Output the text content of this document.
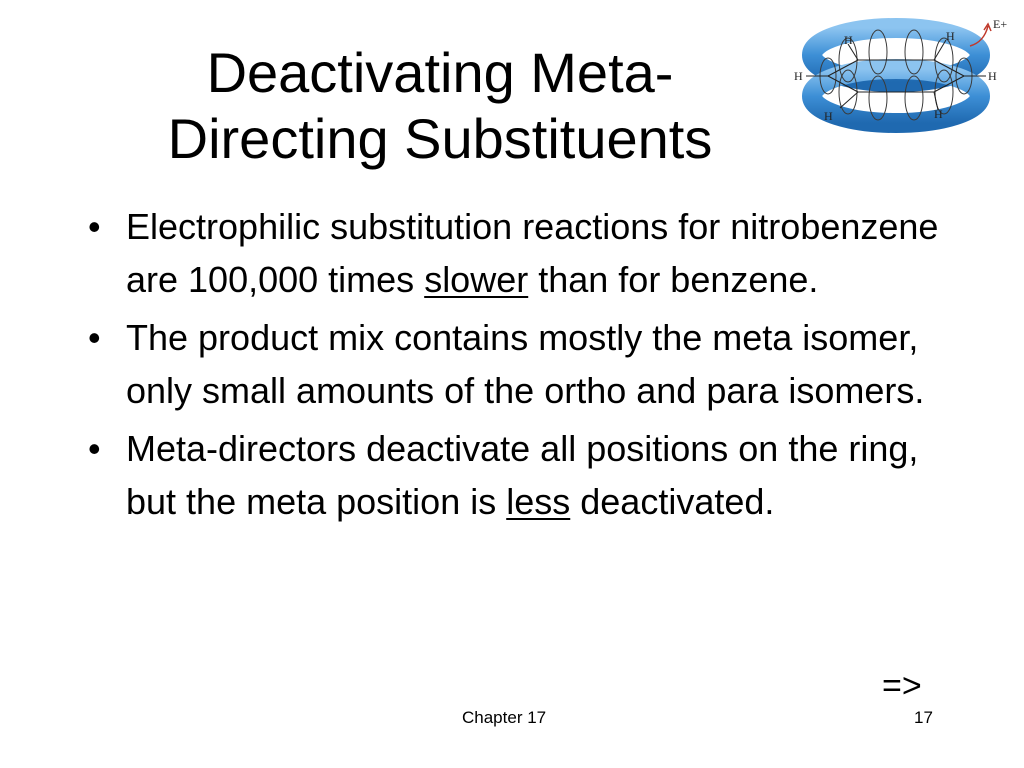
Deactivating Meta-
Directing Substituents
H	H
H	H
H	H
E+
• Electrophilic substitution reactions for nitrobenzene are 100,000 times slower than for benzene.
• The product mix contains mostly the meta isomer, only small amounts of the ortho and para isomers.
• Meta-directors deactivate all positions on the ring, but the meta position is less deactivated.
=>
Chapter 17	17
